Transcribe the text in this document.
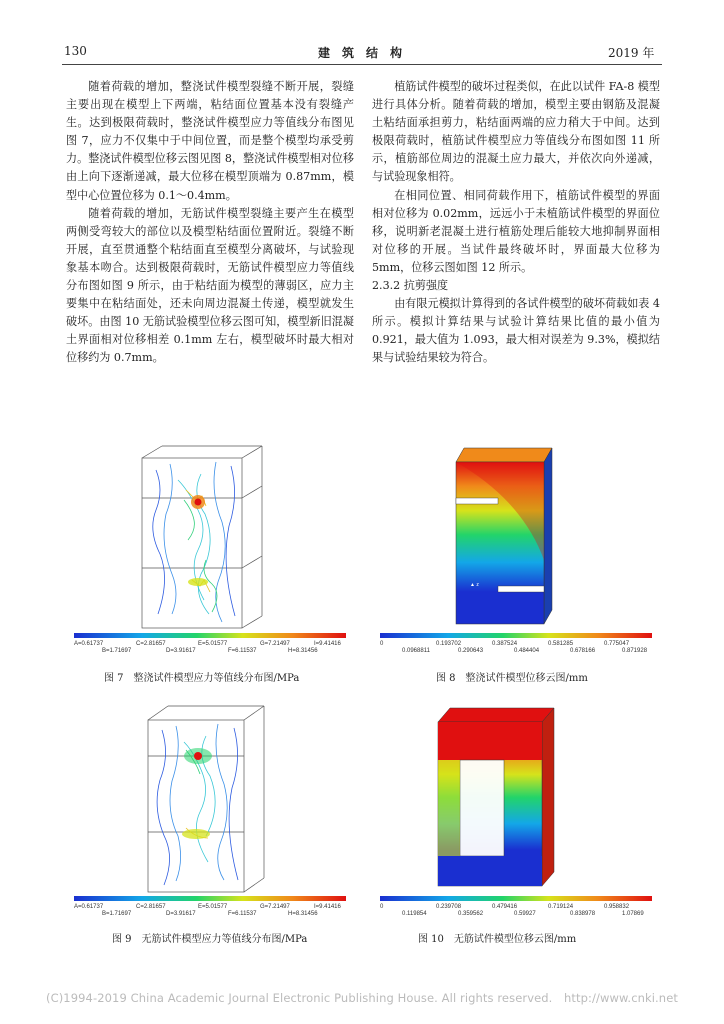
130	建　筑　结　构	2019 年

随着荷载的增加，整浇试件模型裂缝不断开展，裂缝主要出现在模型上下两端，粘结面位置基本没有裂缝产生。达到极限荷载时，整浇试件模型应力等值线分布图见图 7，应力不仅集中于中间位置，而是整个模型均承受剪力。整浇试件模型位移云图见图 8，整浇试件模型相对位移由上向下逐渐递减，最大位移在模型顶端为 0.87mm，模型中心位置位移为 0.1～0.4mm。

随着荷载的增加，无筋试件模型裂缝主要产生在模型两侧受弯较大的部位以及模型粘结面位置附近。裂缝不断开展，直至贯通整个粘结面直至模型分离破坏，与试验现象基本吻合。达到极限荷载时，无筋试件模型应力等值线分布图如图 9 所示，由于粘结面为模型的薄弱区，应力主要集中在粘结面处，还未向周边混凝土传递，模型就发生破坏。由图 10 无筋试验模型位移云图可知，模型新旧混凝土界面相对位移相差 0.1mm 左右，模型破坏时最大相对位移约为 0.7mm。

植筋试件模型的破坏过程类似，在此以试件 FA-8 模型进行具体分析。随着荷载的增加，模型主要由钢筋及混凝土粘结面承担剪力，粘结面两端的应力稍大于中间。达到极限荷载时，植筋试件模型应力等值线分布图如图 11 所示，植筋部位周边的混凝土应力最大，并依次向外递减，与试验现象相符。

在相同位置、相同荷载作用下，植筋试件模型的界面相对位移为 0.02mm，远远小于未植筋试件模型的界面位移，说明新老混凝土进行植筋处理后能较大地抑制界面相对位移的开展。当试件最终破坏时，界面最大位移为 5mm，位移云图如图 12 所示。

2.3.2 抗剪强度

由有限元模拟计算得到的各试件模型的破坏荷载如表 4 所示。模拟计算结果与试验计算结果比值的最小值为 0.921，最大值为 1.093，最大相对误差为 9.3%，模拟结果与试验结果较为符合。

A=0.61737	C=2.81657	E=5.01577	G=7.21497	I=9.41416
B=1.71697	D=3.91617	F=6.11537	H=8.31456
图 7　整浇试件模型应力等值线分布图/MPa
▲ z
0	0.193702	0.387524	0.581285	0.775047
0.0968811	0.290643	0.484404	0.678166	0.871928
图 8　整浇试件模型位移云图/mm
A=0.61737	C=2.81657	E=5.01577	G=7.21497	I=9.41416
B=1.71697	D=3.91617	F=6.11537	H=8.31456
图 9　无筋试件模型应力等值线分布图/MPa
0	0.239708	0.479416	0.719124	0.958832
0.119854	0.359562	0.59927	0.838978	1.07869
图 10　无筋试件模型位移云图/mm
(C)1994-2019 China Academic Journal Electronic Publishing House. All rights reserved.　http://www.cnki.net
